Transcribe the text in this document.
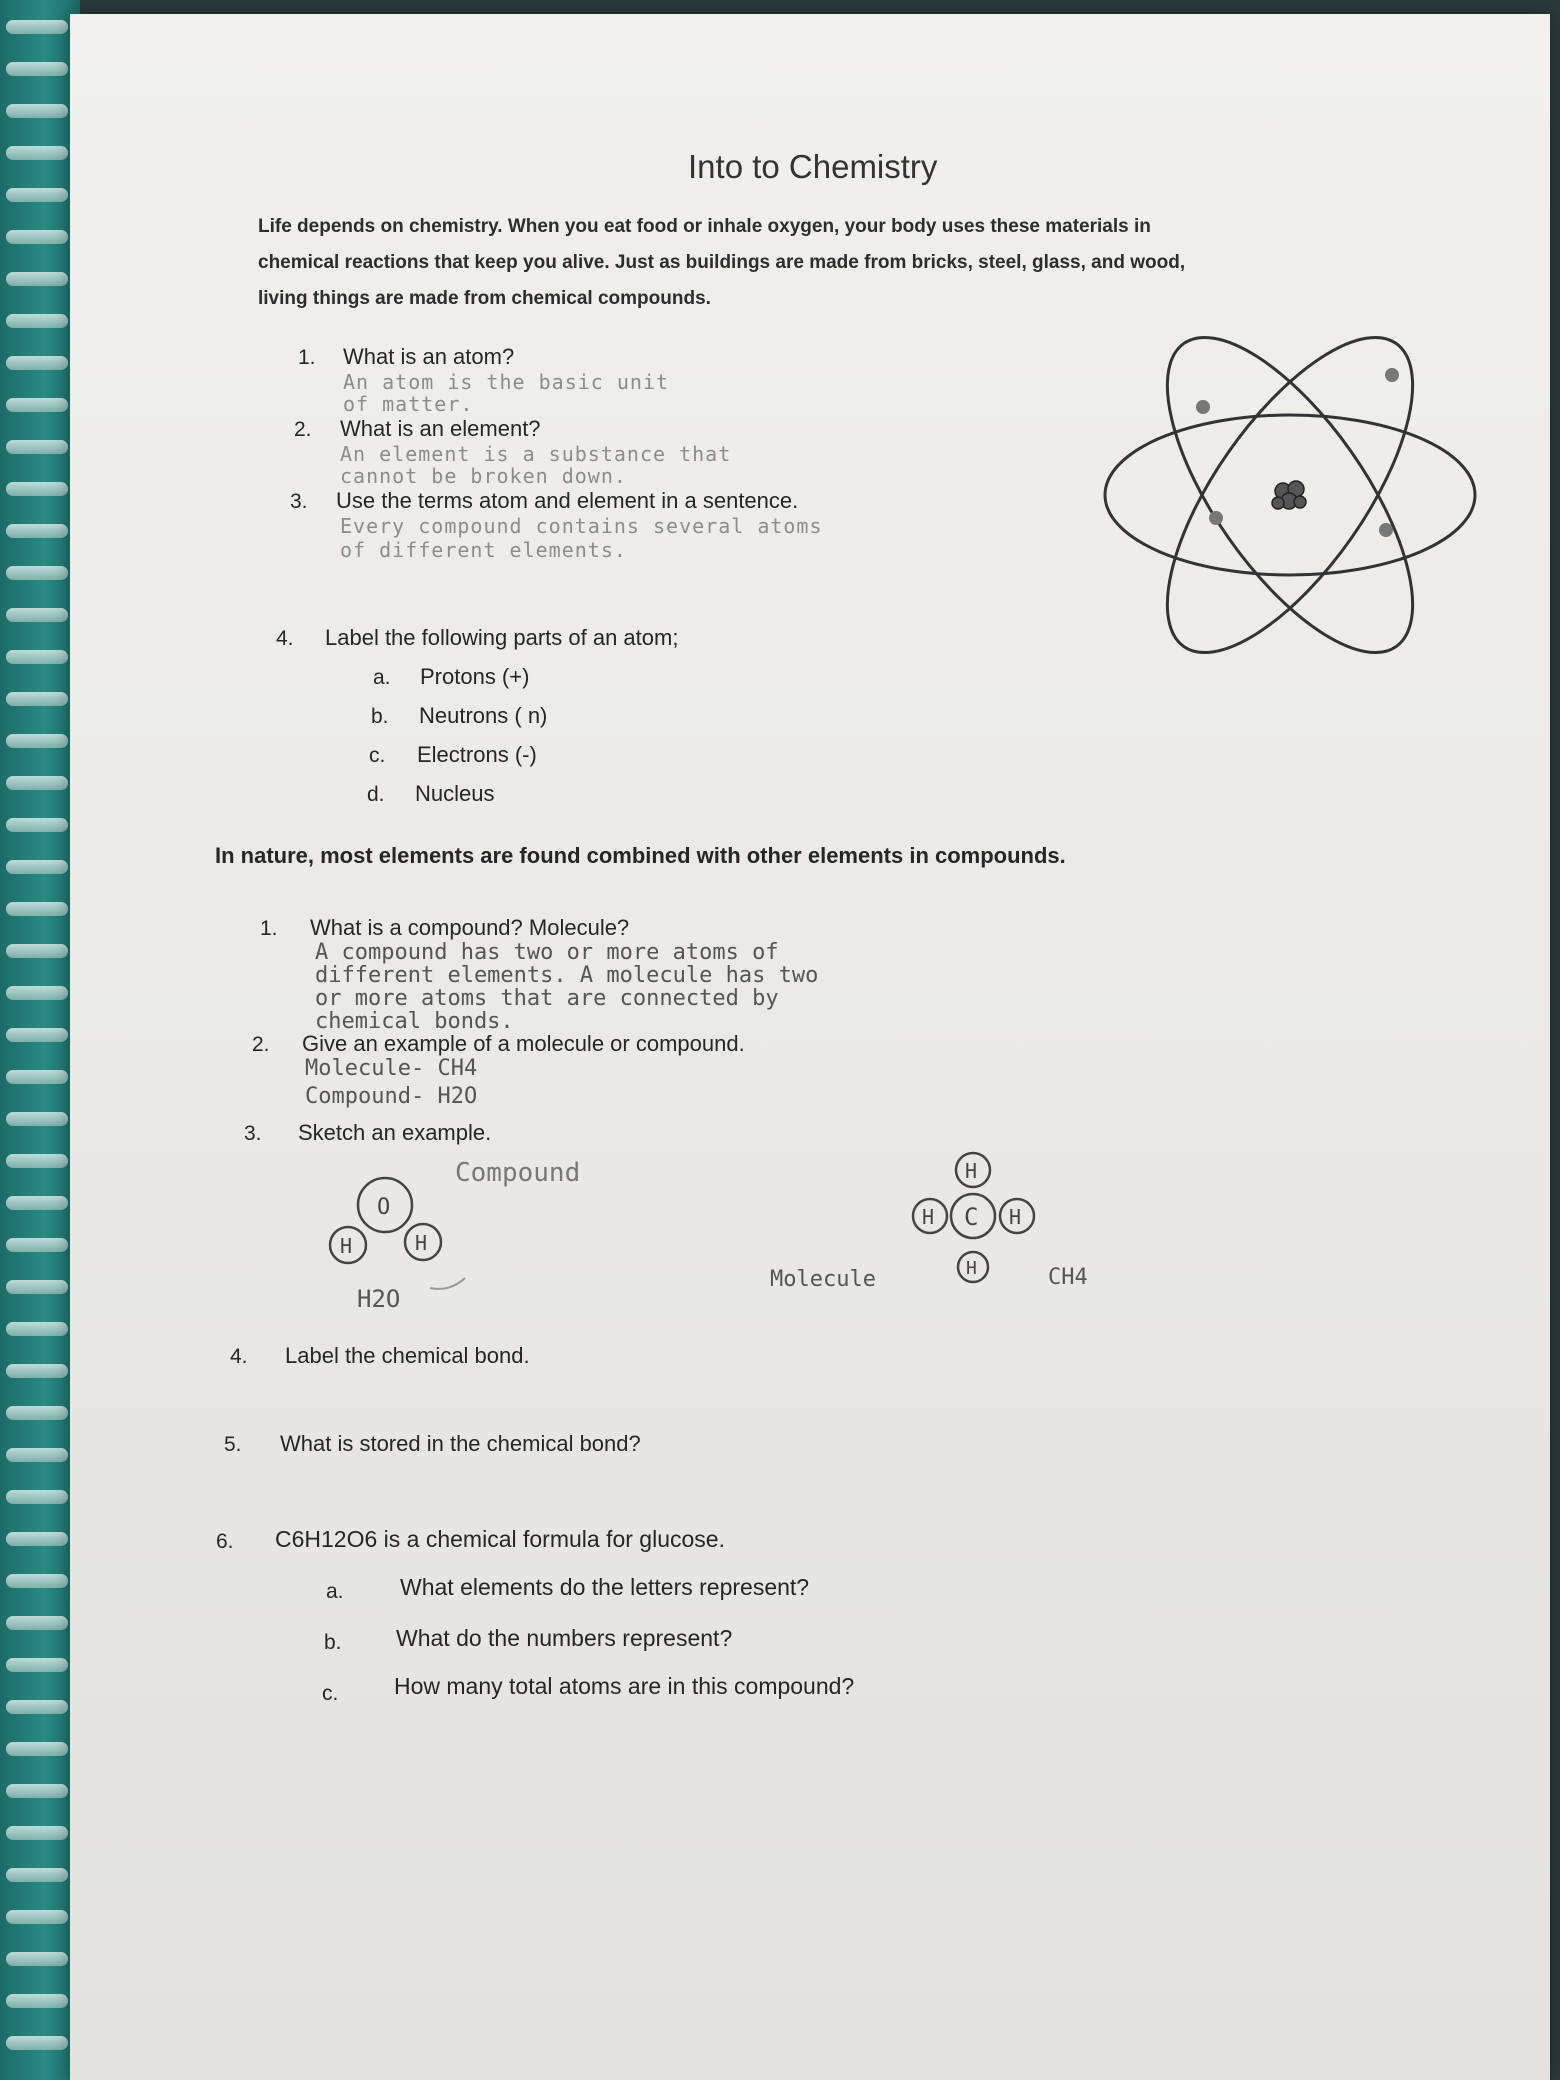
Into to Chemistry
Life depends on chemistry. When you eat food or inhale oxygen, your body uses these materials in
chemical reactions that keep you alive. Just as buildings are made from bricks, steel, glass, and wood,
living things are made from chemical compounds.
1. What is an atom?
An atom is the basic unit
of matter.
2. What is an element?
An element is a substance that
cannot be broken down.
3. Use the terms atom and element in a sentence.
Every compound contains several atoms
of different elements.
4. Label the following parts of an atom;
a. Protons (+)
b. Neutrons ( n)
c. Electrons (-)
d. Nucleus
In nature, most elements are found combined with other elements in compounds.
1. What is a compound? Molecule?
A compound has two or more atoms of
different elements. A molecule has two
or more atoms that are connected by
chemical bonds.
2. Give an example of a molecule or compound.
Molecule- CH4
Compound- H2O
3. Sketch an example.
O
H	H
H2O
Compound
C
H
H	H
H
Molecule	CH4
4. Label the chemical bond.
5. What is stored in the chemical bond?
6. C6H12O6 is a chemical formula for glucose.
a. What elements do the letters represent?
b. What do the numbers represent?
c. How many total atoms are in this compound?
